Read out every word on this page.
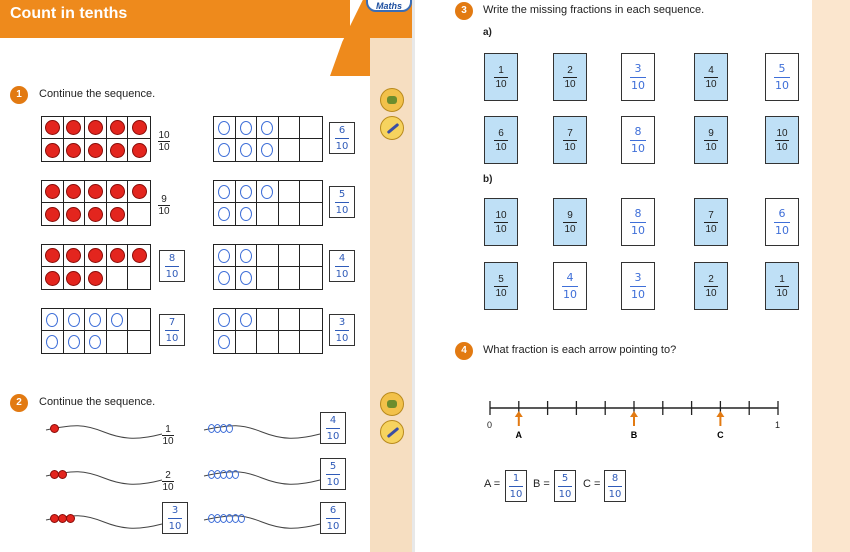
Count in tenths	Maths
1	Continue the sequence.
10
10
6
10
9
10
5
10
8
10
4
10
7
10
3
10
2	Continue the sequence.
1
10
4
10
2
10
5
10
3
10
6
10
3	Write the missing fractions in each sequence.
a)
b)
1
10
2
10
3
10
4
10
5
10
6
10
7
10
8
10
9
10
10
10
10
10
9
10
8
10
7
10
6
10
5
10
4
10
3
10
2
10
1
10
4	What fraction is each arrow pointing to?
A	B	C
0	1
A = 1
10
B = 5
10
C = 8
10
